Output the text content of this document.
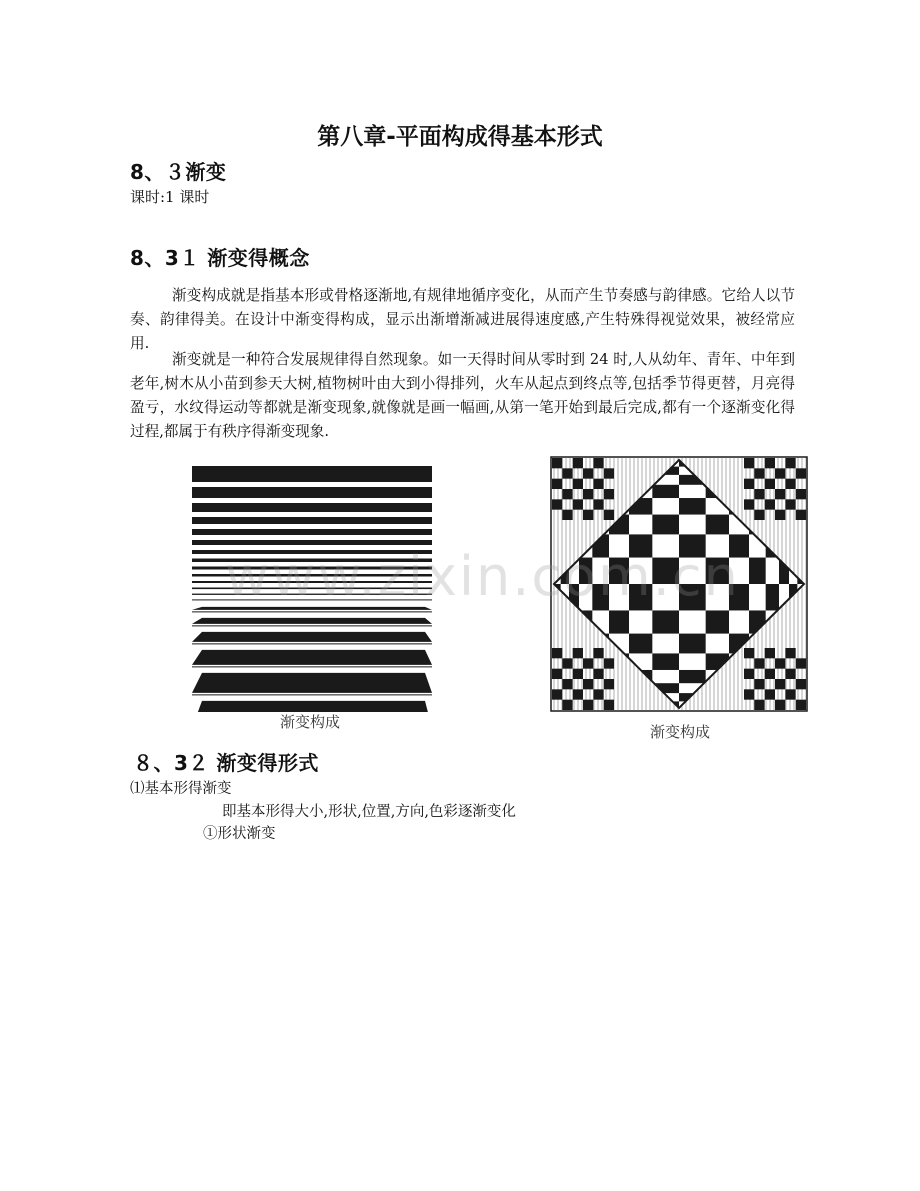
第八章-平面构成得基本形式
8、３渐变
课时:1 课时
8、3１ 渐变得概念

渐变构成就是指基本形或骨格逐渐地,有规律地循序变化，从而产生节奏感与韵律感。它给人以节奏、韵律得美。在设计中渐变得构成，显示出渐增渐减进展得速度感,产生特殊得视觉效果，被经常应用.

渐变就是一种符合发展规律得自然现象。如一天得时间从零时到 24 时,人从幼年、青年、中年到老年,树木从小苗到参天大树,植物树叶由大到小得排列，火车从起点到终点等,包括季节得更替，月亮得盈亏，水纹得运动等都就是渐变现象,就像就是画一幅画,从第一笔开始到最后完成,都有一个逐渐变化得过程,都属于有秩序得渐变现象.

渐变构成
渐变构成
www.zixin.com.cn
８、3２ 渐变得形式
⑴基本形得渐变
即基本形得大小,形状,位置,方向,色彩逐渐变化
①形状渐变
